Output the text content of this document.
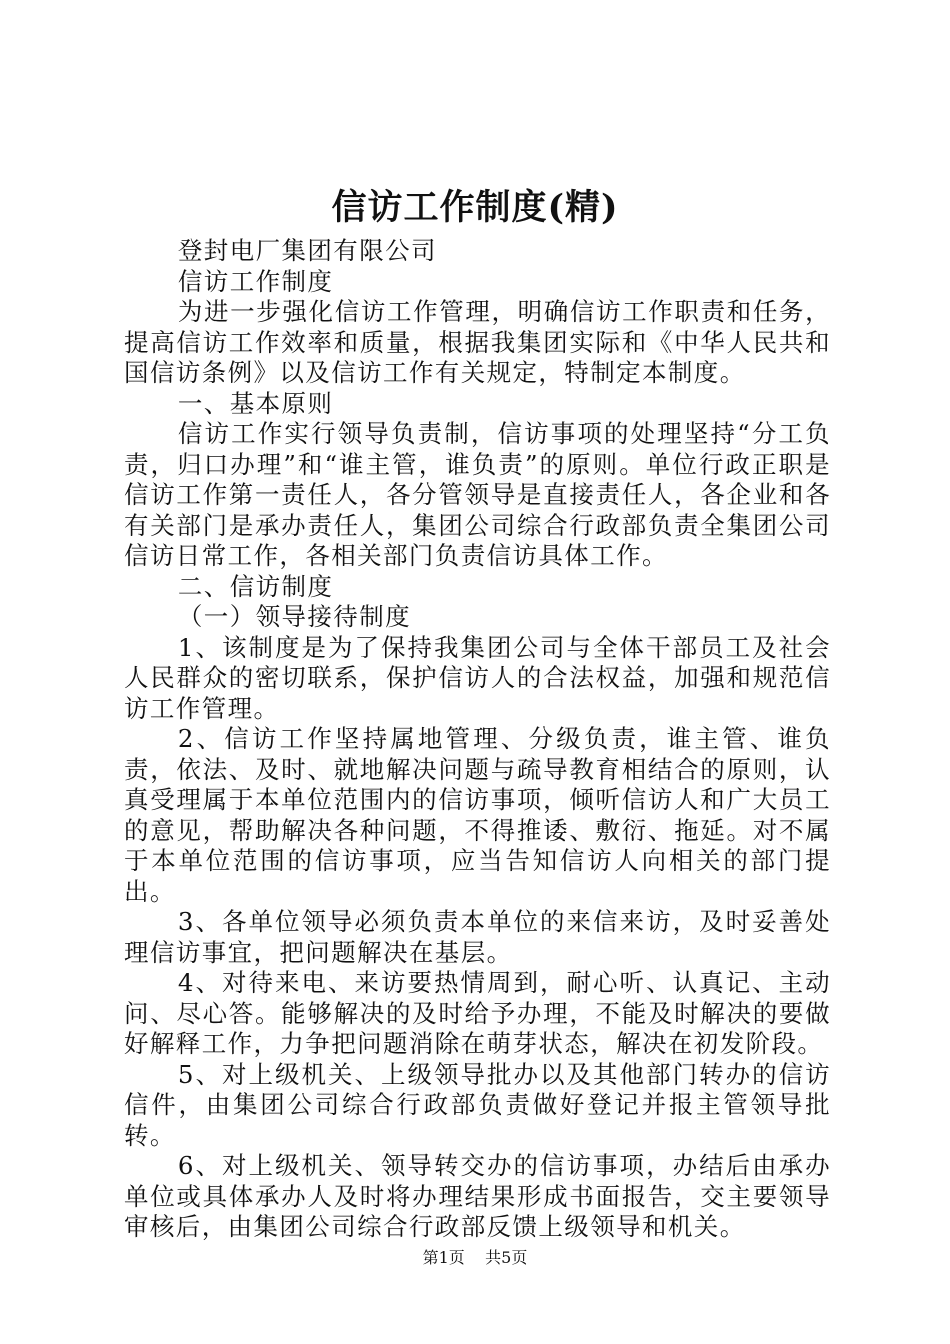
信访工作制度(精)

登封电厂集团有限公司

信访工作制度

为进一步强化信访工作管理，明确信访工作职责和任务，提高信访工作效率和质量，根据我集团实际和《中华人民共和国信访条例》以及信访工作有关规定，特制定本制度。

一、基本原则

信访工作实行领导负责制，信访事项的处理坚持“分工负责，归口办理”和“谁主管，谁负责”的原则。单位行政正职是信访工作第一责任人，各分管领导是直接责任人，各企业和各有关部门是承办责任人，集团公司综合行政部负责全集团公司信访日常工作，各相关部门负责信访具体工作。

二、信访制度

（一）领导接待制度

1、该制度是为了保持我集团公司与全体干部员工及社会人民群众的密切联系，保护信访人的合法权益，加强和规范信访工作管理。

2、信访工作坚持属地管理、分级负责，谁主管、谁负责，依法、及时、就地解决问题与疏导教育相结合的原则，认真受理属于本单位范围内的信访事项，倾听信访人和广大员工的意见，帮助解决各种问题，不得推诿、敷衍、拖延。对不属于本单位范围的信访事项，应当告知信访人向相关的部门提出。

3、各单位领导必须负责本单位的来信来访，及时妥善处理信访事宜，把问题解决在基层。

4、对待来电、来访要热情周到，耐心听、认真记、主动问、尽心答。能够解决的及时给予办理，不能及时解决的要做好解释工作，力争把问题消除在萌芽状态，解决在初发阶段。

5、对上级机关、上级领导批办以及其他部门转办的信访信件，由集团公司综合行政部负责做好登记并报主管领导批转。

6、对上级机关、领导转交办的信访事项，办结后由承办单位或具体承办人及时将办理结果形成书面报告，交主要领导审核后，由集团公司综合行政部反馈上级领导和机关。

第1页 共5页
